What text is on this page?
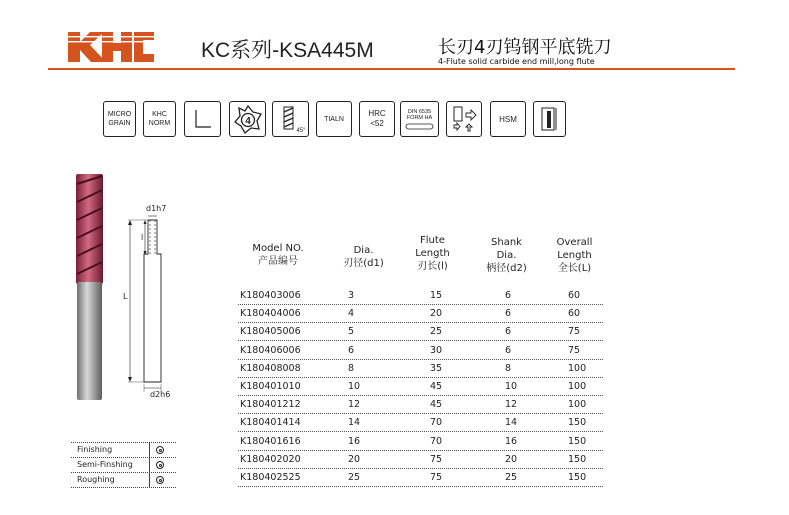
KC系列-KSA445M	长刃4刃钨钢平底铣刀
4-Flute solid carbide end mill,long flute
MICRO
GRAIN
KHC
NORM	4
45°
TIALN
HRC
<52
DIN 6535
FORM HA	HSM
d1h7
l
L
d2h6
Model NO.
产品编号
Dia.
刃径(d1)
Flute
Length
刃长(l)
Shank
Dia.
柄径(d2)
Overall
Length
全长(L)
K180403006	3	15	6	60
K180404006	4	20	6	60
K180405006	5	25	6	75
K180406006	6	30	6	75
K180408008	8	35	8	100
K180401010	10	45	10	100
K180401212	12	45	12	100
K180401414	14	70	14	150
K180401616	16	70	16	150
K180402020	20	75	20	150
K180402525	25	75	25	150
Finishing
Semi-Finshing
Roughing
